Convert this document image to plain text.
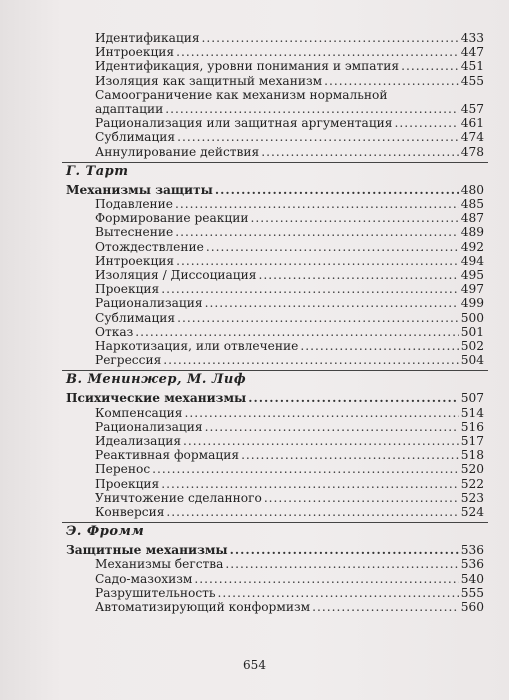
Идентификация .....	433
Интроекция .....	447
Идентификация, уровни понимания и эмпатия .....	451
Изоляция как защитный механизм .....	455
Самоограничение как механизм нормальной
адаптации .....	457
Рационализация или защитная аргументация .....	461
Сублимация .....	474
Аннулирование действия .....	478
Г. Тарт
Механизмы защиты .....	480
Подавление .....	485
Формирование реакции .....	487
Вытеснение .....	489
Отождествление .....	492
Интроекция .....	494
Изоляция / Диссоциация .....	495
Проекция .....	497
Рационализация .....	499
Сублимация .....	500
Отказ .....	501
Наркотизация, или отвлечение .....	502
Регрессия .....	504
В. Менинжер, М. Лиф
Психические механизмы .....	507
Компенсация .....	514
Рационализация .....	516
Идеализация .....	517
Реактивная формация .....	518
Перенос .....	520
Проекция .....	522
Уничтожение сделанного .....	523
Конверсия .....	524
Э. Фромм
Защитные механизмы .....	536
Механизмы бегства .....	536
Садо-мазохизм .....	540
Разрушительность .....	555
Автоматизирующий конформизм .....	560
654
